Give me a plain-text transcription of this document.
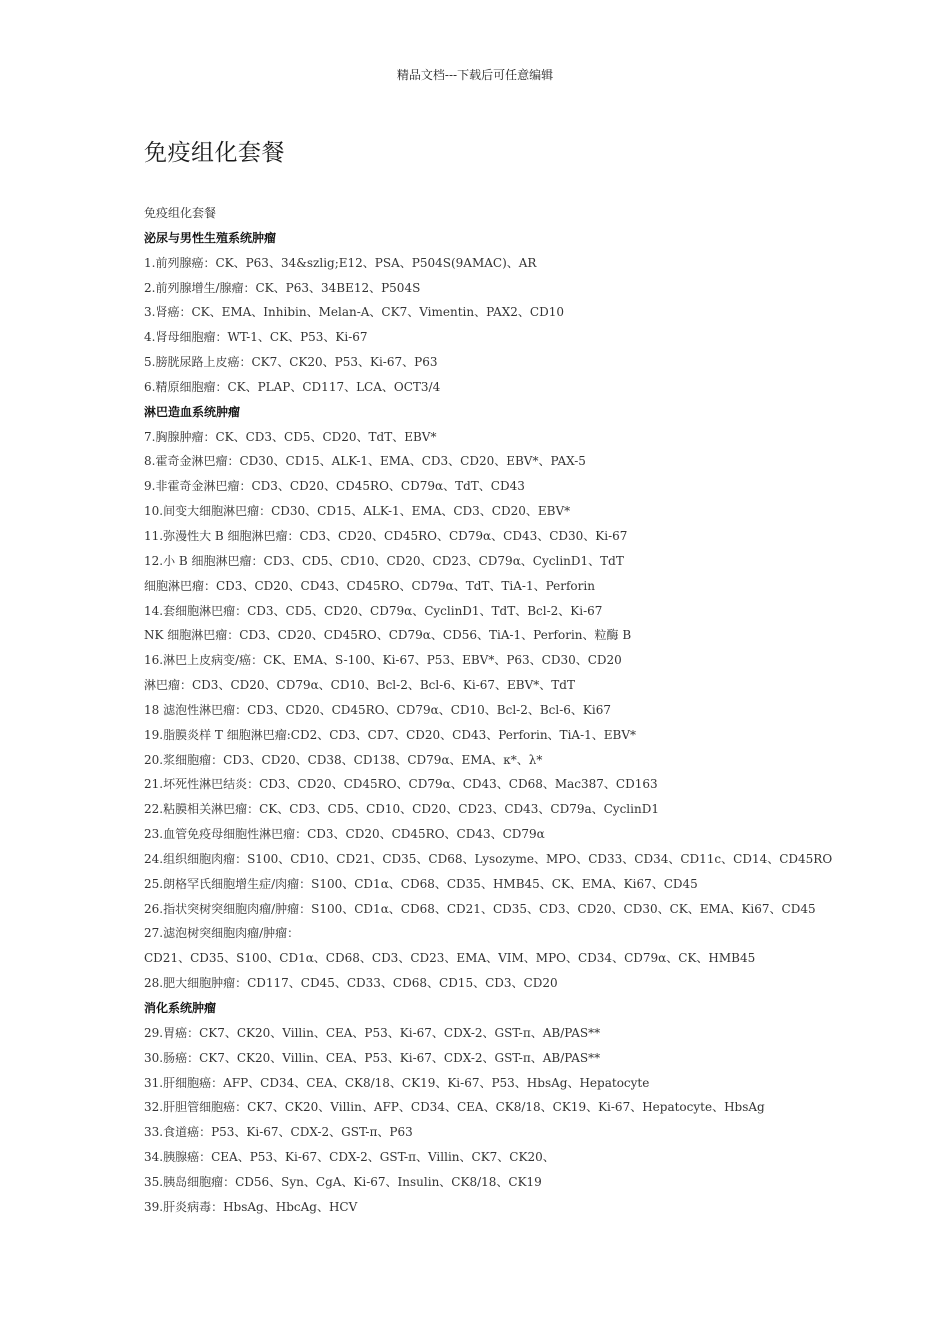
精品文档---下载后可任意编辑
免疫组化套餐
免疫组化套餐
泌尿与男性生殖系统肿瘤
1.前列腺癌：CK、P63、34&szlig;E12、PSA、P504S(9AMAC)、AR
2.前列腺增生/腺瘤：CK、P63、34BE12、P504S
3.肾癌：CK、EMA、Inhibin、Melan-A、CK7、Vimentin、PAX2、CD10
4.肾母细胞瘤：WT-1、CK、P53、Ki-67
5.膀胱尿路上皮癌：CK7、CK20、P53、Ki-67、P63
6.精原细胞瘤：CK、PLAP、CD117、LCA、OCT3/4
淋巴造血系统肿瘤
7.胸腺肿瘤：CK、CD3、CD5、CD20、TdT、EBV*
8.霍奇金淋巴瘤：CD30、CD15、ALK-1、EMA、CD3、CD20、EBV*、PAX-5
9.非霍奇金淋巴瘤：CD3、CD20、CD45RO、CD79α、TdT、CD43
10.间变大细胞淋巴瘤：CD30、CD15、ALK-1、EMA、CD3、CD20、EBV*
11.弥漫性大 B 细胞淋巴瘤：CD3、CD20、CD45RO、CD79α、CD43、CD30、Ki-67
12.小 B 细胞淋巴瘤：CD3、CD5、CD10、CD20、CD23、CD79α、CyclinD1、TdT
细胞淋巴瘤：CD3、CD20、CD43、CD45RO、CD79α、TdT、TiA-1、Perforin
14.套细胞淋巴瘤：CD3、CD5、CD20、CD79α、CyclinD1、TdT、Bcl-2、Ki-67
NK 细胞淋巴瘤：CD3、CD20、CD45RO、CD79α、CD56、TiA-1、Perforin、粒酶 B
16.淋巴上皮病变/癌：CK、EMA、S-100、Ki-67、P53、EBV*、P63、CD30、CD20
淋巴瘤：CD3、CD20、CD79α、CD10、Bcl-2、Bcl-6、Ki-67、EBV*、TdT
18 滤泡性淋巴瘤：CD3、CD20、CD45RO、CD79α、CD10、Bcl-2、Bcl-6、Ki67
19.脂膜炎样 T 细胞淋巴瘤:CD2、CD3、CD7、CD20、CD43、Perforin、TiA-1、EBV*
20.浆细胞瘤：CD3、CD20、CD38、CD138、CD79α、EMA、κ*、λ*
21.坏死性淋巴结炎：CD3、CD20、CD45RO、CD79α、CD43、CD68、Mac387、CD163
22.粘膜相关淋巴瘤：CK、CD3、CD5、CD10、CD20、CD23、CD43、CD79a、CyclinD1
23.血管免疫母细胞性淋巴瘤：CD3、CD20、CD45RO、CD43、CD79α
24.组织细胞肉瘤：S100、CD10、CD21、CD35、CD68、Lysozyme、MPO、CD33、CD34、CD11c、CD14、CD45RO
25.朗格罕氏细胞增生症/肉瘤：S100、CD1α、CD68、CD35、HMB45、CK、EMA、Ki67、CD45
26.指状突树突细胞肉瘤/肿瘤：S100、CD1α、CD68、CD21、CD35、CD3、CD20、CD30、CK、EMA、Ki67、CD45
27.滤泡树突细胞肉瘤/肿瘤：
CD21、CD35、S100、CD1α、CD68、CD3、CD23、EMA、VIM、MPO、CD34、CD79α、CK、HMB45
28.肥大细胞肿瘤：CD117、CD45、CD33、CD68、CD15、CD3、CD20
消化系统肿瘤
29.胃癌：CK7、CK20、Villin、CEA、P53、Ki-67、CDX-2、GST-π、AB/PAS**
30.肠癌：CK7、CK20、Villin、CEA、P53、Ki-67、CDX-2、GST-π、AB/PAS**
31.肝细胞癌：AFP、CD34、CEA、CK8/18、CK19、Ki-67、P53、HbsAg、Hepatocyte
32.肝胆管细胞癌：CK7、CK20、Villin、AFP、CD34、CEA、CK8/18、CK19、Ki-67、Hepatocyte、HbsAg
33.食道癌：P53、Ki-67、CDX-2、GST-π、P63
34.胰腺癌：CEA、P53、Ki-67、CDX-2、GST-π、Villin、CK7、CK20、
35.胰岛细胞瘤：CD56、Syn、CgA、Ki-67、Insulin、CK8/18、CK19
39.肝炎病毒：HbsAg、HbcAg、HCV
